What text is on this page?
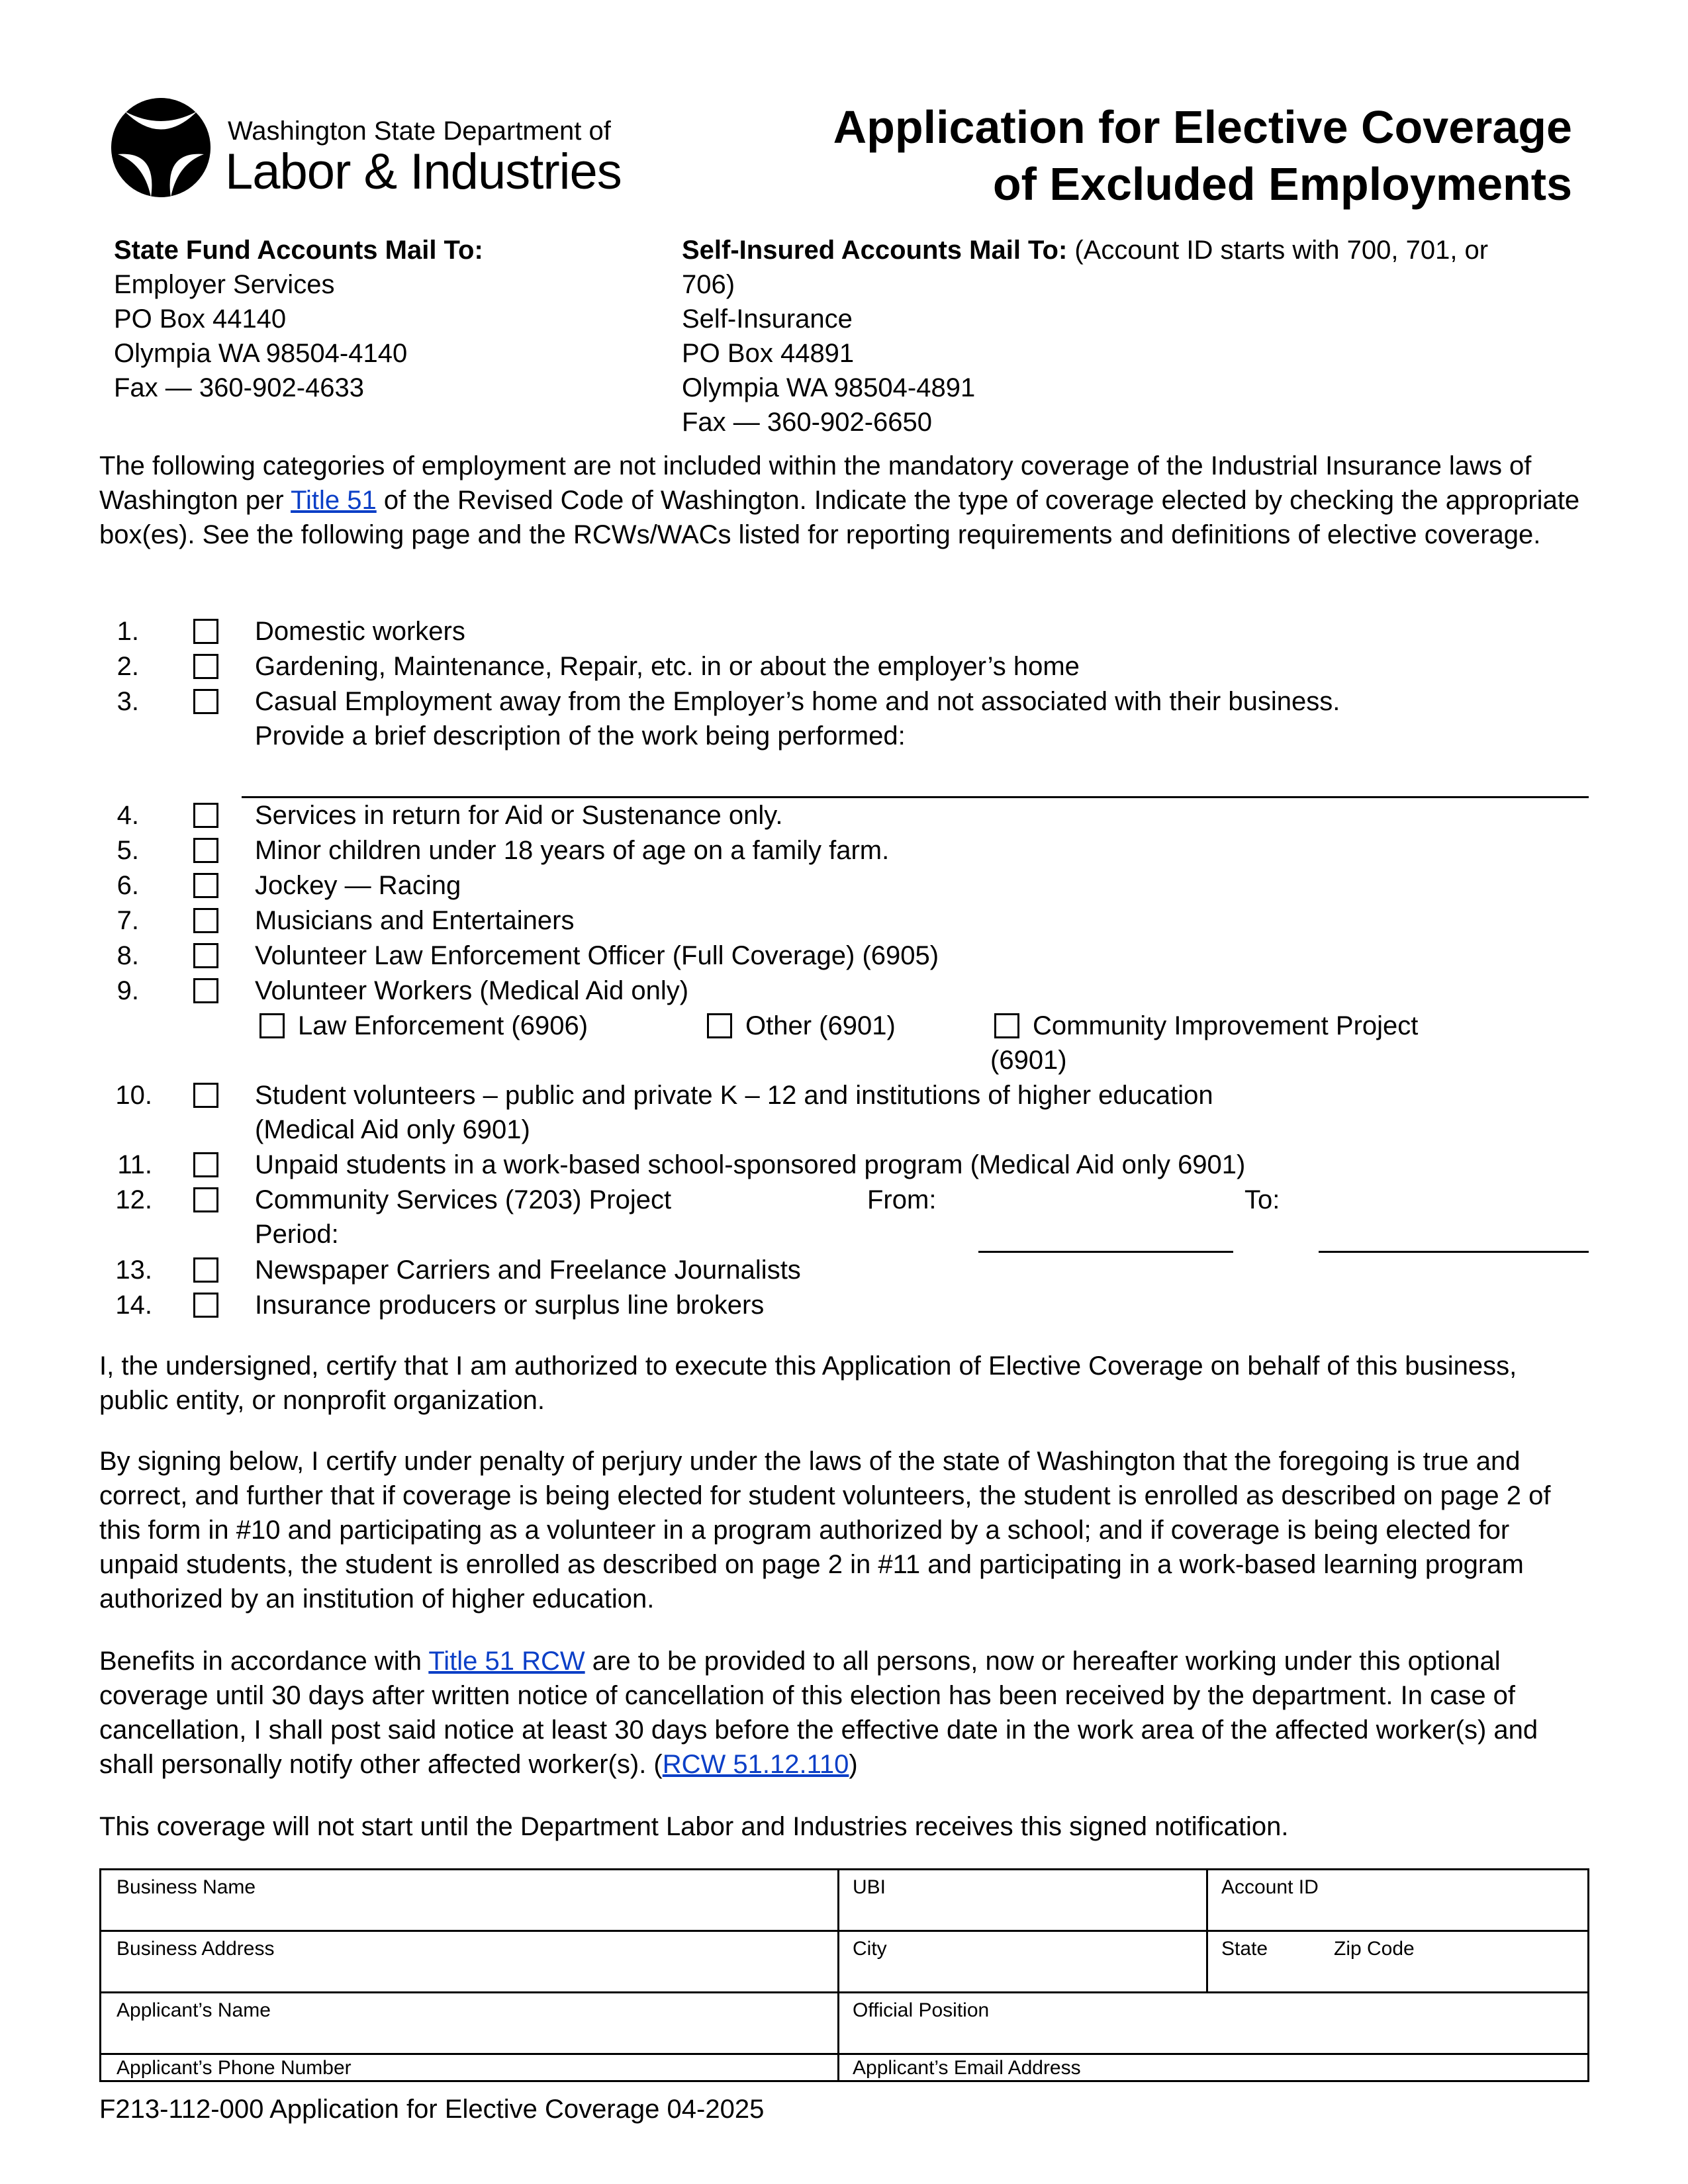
Washington State Department of
Labor & Industries
Application for Elective Coverage
of Excluded Employments
State Fund Accounts Mail To:
Employer Services
PO Box 44140
Olympia WA 98504-4140
Fax — 360-902-4633
Self-Insured Accounts Mail To: (Account ID starts with 700, 701, or
706)
Self-Insurance
PO Box 44891
Olympia WA 98504-4891
Fax — 360-902-6650
The following categories of employment are not included within the mandatory coverage of the Industrial Insurance laws of Washington per Title 51 of the Revised Code of Washington. Indicate the type of coverage elected by checking the appropriate box(es). See the following page and the RCWs/WACs listed for reporting requirements and definitions of elective coverage.
1.	Domestic workers
2.	Gardening, Maintenance, Repair, etc. in or about the employer’s home
3.	Casual Employment away from the Employer’s home and not associated with their business.
Provide a brief description of the work being performed:
4.	Services in return for Aid or Sustenance only.
5.	Minor children under 18 years of age on a family farm.
6.	Jockey — Racing
7.	Musicians and Entertainers
8.	Volunteer Law Enforcement Officer (Full Coverage) (6905)
9.	Volunteer Workers (Medical Aid only)
Law Enforcement (6906)	Other (6901)	Community Improvement Project
(6901)
10.	Student volunteers – public and private K – 12 and institutions of higher education
(Medical Aid only 6901)
11.	Unpaid students in a work-based school-sponsored program (Medical Aid only 6901)
12.	Community Services (7203) Project
Period:
From:	To:
13.	Newspaper Carriers and Freelance Journalists
14.	Insurance producers or surplus line brokers
I, the undersigned, certify that I am authorized to execute this Application of Elective Coverage on behalf of this business, public entity, or nonprofit organization.
By signing below, I certify under penalty of perjury under the laws of the state of Washington that the foregoing is true and correct, and further that if coverage is being elected for student volunteers, the student is enrolled as described on page 2 of this form in #10 and participating as a volunteer in a program authorized by a school; and if coverage is being elected for unpaid students, the student is enrolled as described on page 2 in #11 and participating in a work-based learning program authorized by an institution of higher education.
Benefits in accordance with Title 51 RCW are to be provided to all persons, now or hereafter working under this optional coverage until 30 days after written notice of cancellation of this election has been received by the department. In case of cancellation, I shall post said notice at least 30 days before the effective date in the work area of the affected worker(s) and shall personally notify other affected worker(s). (RCW 51.12.110)
This coverage will not start until the Department Labor and Industries receives this signed notification.
Business Name	UBI	Account ID
Business Address	City	State	Zip Code
Applicant’s Name	Official Position
Applicant’s Phone Number	Applicant’s Email Address
F213-112-000 Application for Elective Coverage 04-2025
